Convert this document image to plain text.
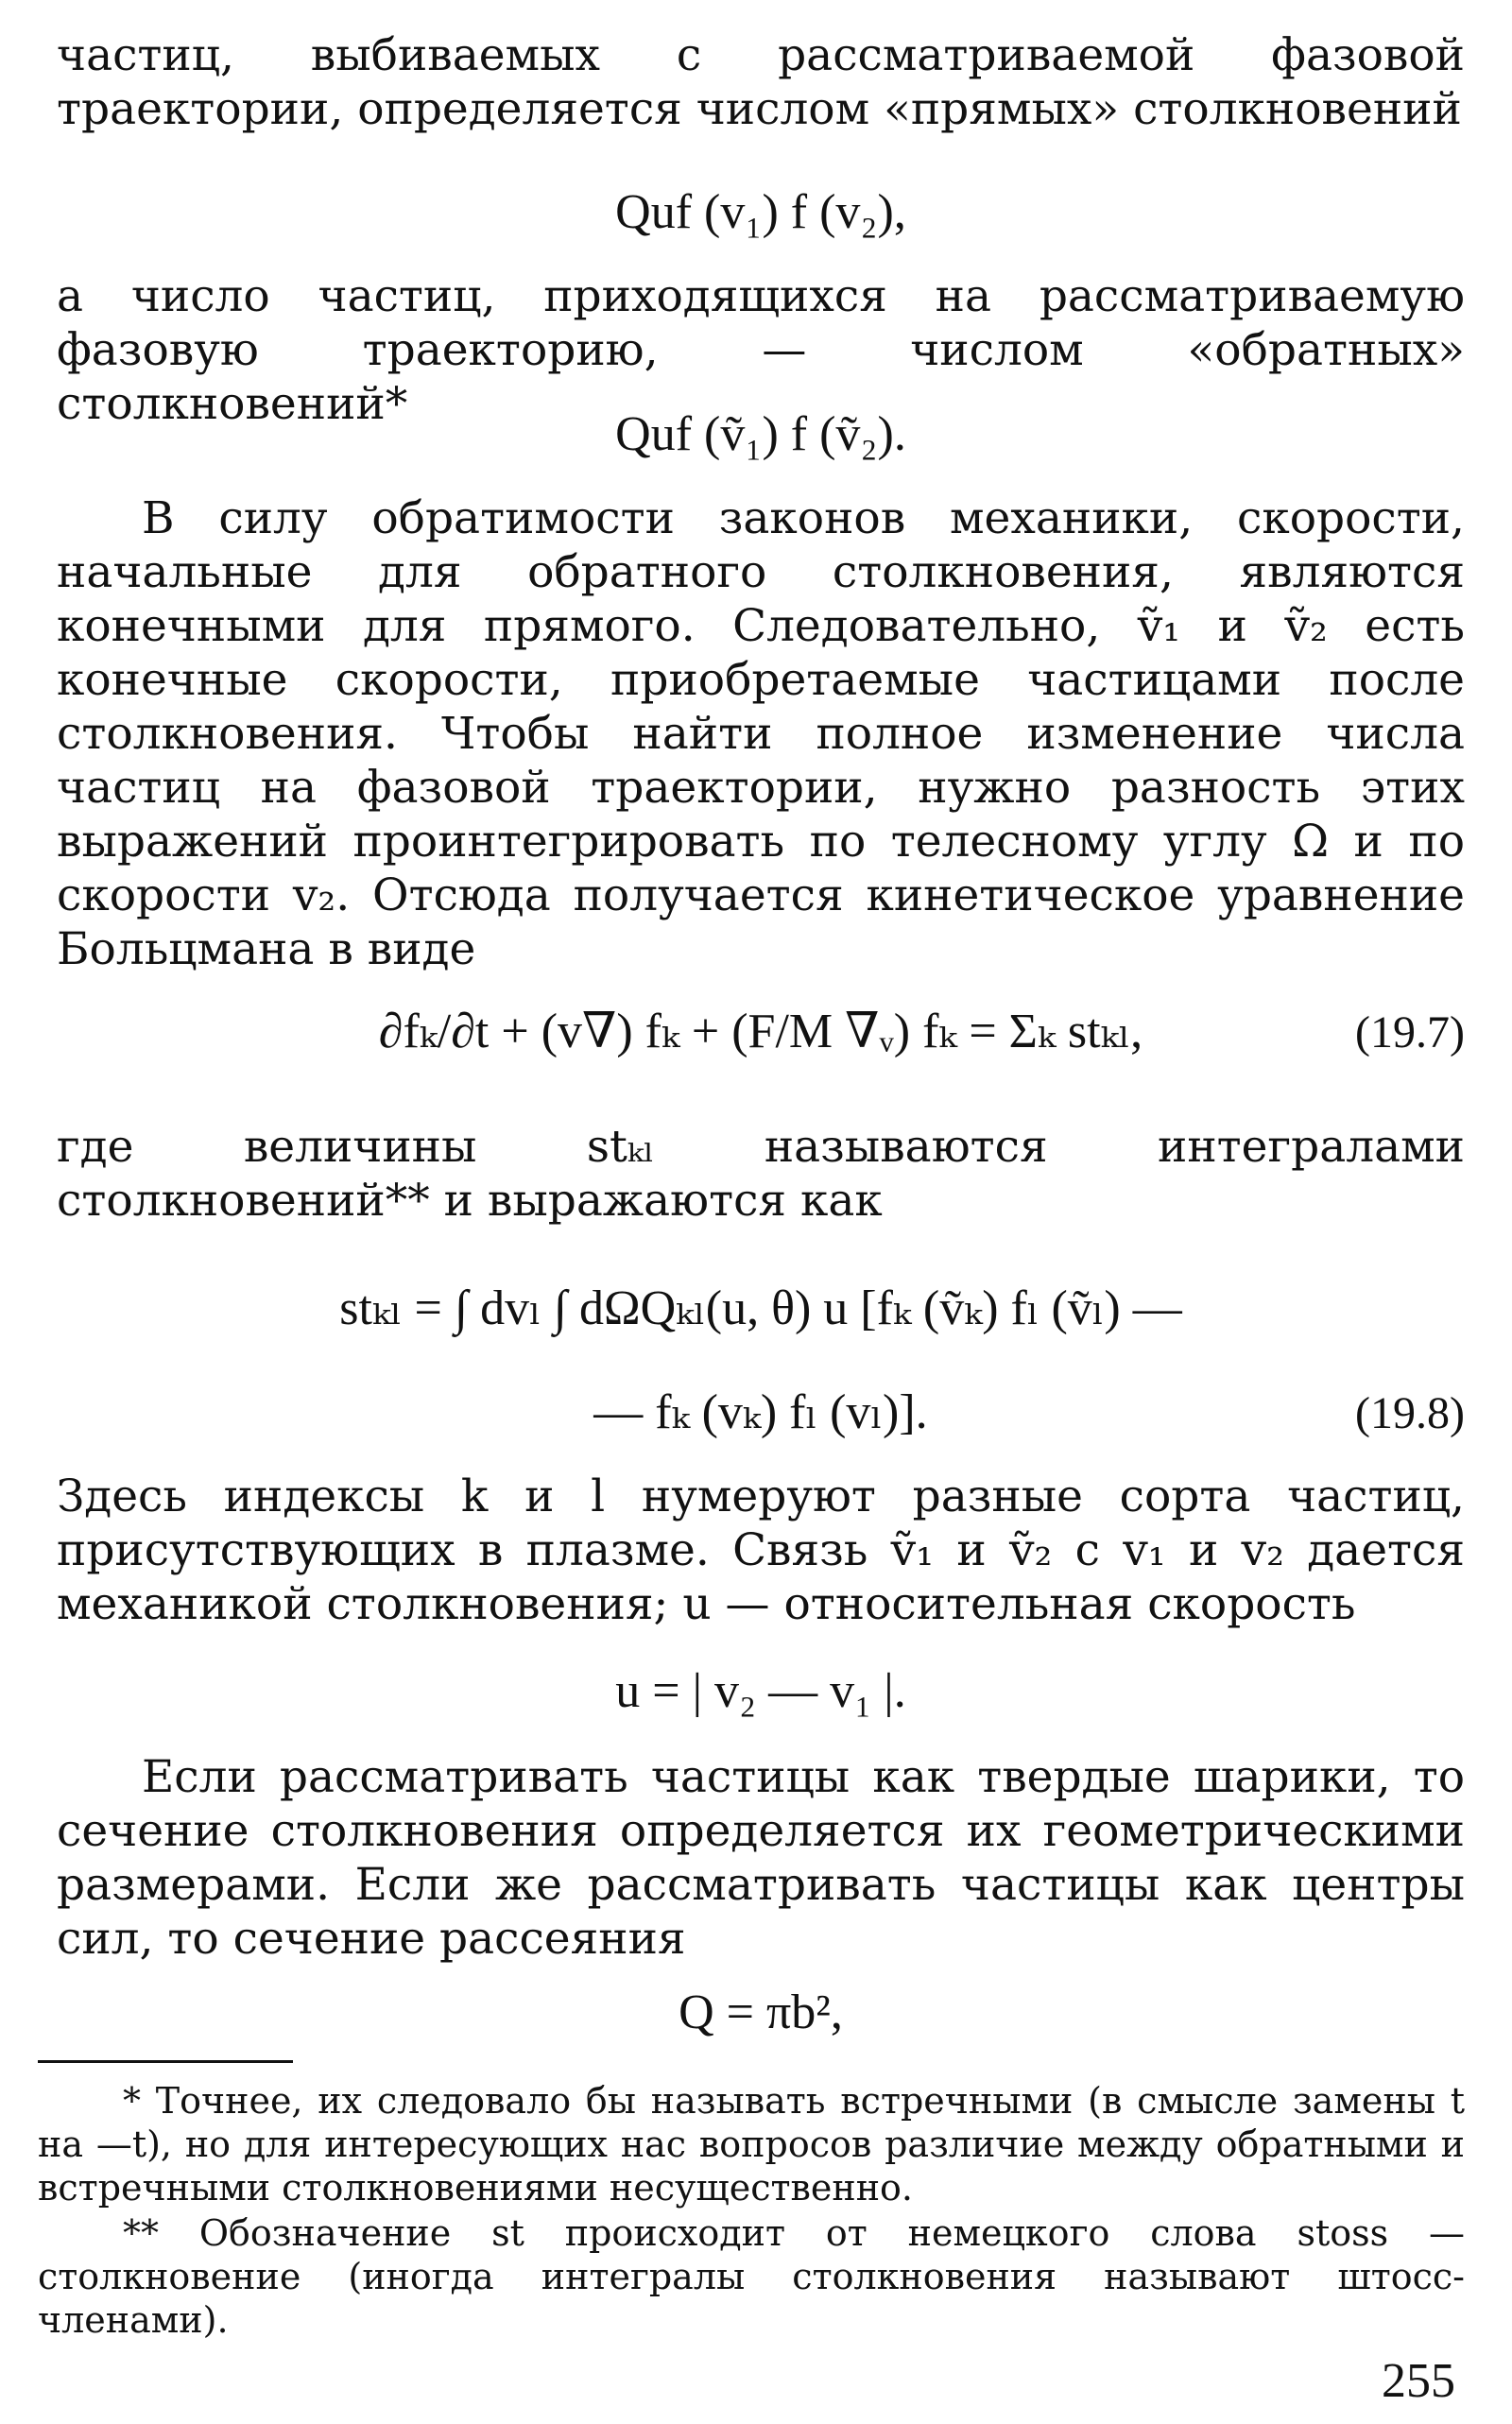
частиц, выбиваемых с рассматриваемой фазовой траектории, определяется числом «прямых» столкновений
Quf (v₁) f (v₂),
а число частиц, приходящихся на рассматриваемую фазовую траекторию, — числом «обратных» столкновений*
Quf (ṽ₁) f (ṽ₂).
В силу обратимости законов механики, скорости, начальные для обратного столкновения, являются конечными для прямого. Следовательно, ṽ₁ и ṽ₂ есть конечные скорости, приобретаемые частицами после столкновения. Чтобы найти полное изменение числа частиц на фазовой траектории, нужно разность этих выражений проинтегрировать по телесному углу Ω и по скорости v₂. Отсюда получается кинетическое уравнение Больцмана в виде
∂fₖ/∂t + (v∇) fₖ + (F/M ∇ᵥ) fₖ = Σₖ stₖₗ,	(19.7)
где величины stₖₗ называются интегралами столкновений** и выражаются как
stₖₗ = ∫ dvₗ ∫ dΩQₖₗ(u, θ) u [fₖ (ṽₖ) fₗ (ṽₗ) —
— fₖ (vₖ) fₗ (vₗ)].	(19.8)
Здесь индексы k и l нумеруют разные сорта частиц, присутствующих в плазме. Связь ṽ₁ и ṽ₂ с v₁ и v₂ дается механикой столкновения; u — относительная скорость
u = | v₂ — v₁ |.
Если рассматривать частицы как твердые шарики, то сечение столкновения определяется их геометрическими размерами. Если же рассматривать частицы как центры сил, то сечение рассеяния
Q = πb²,
* Точнее, их следовало бы называть встречными (в смысле замены t на —t), но для интересующих нас вопросов различие между обратными и встречными столкновениями несущественно.
** Обозначение st происходит от немецкого слова stoss — столкновение (иногда интегралы столкновения называют штосс-членами).
255
